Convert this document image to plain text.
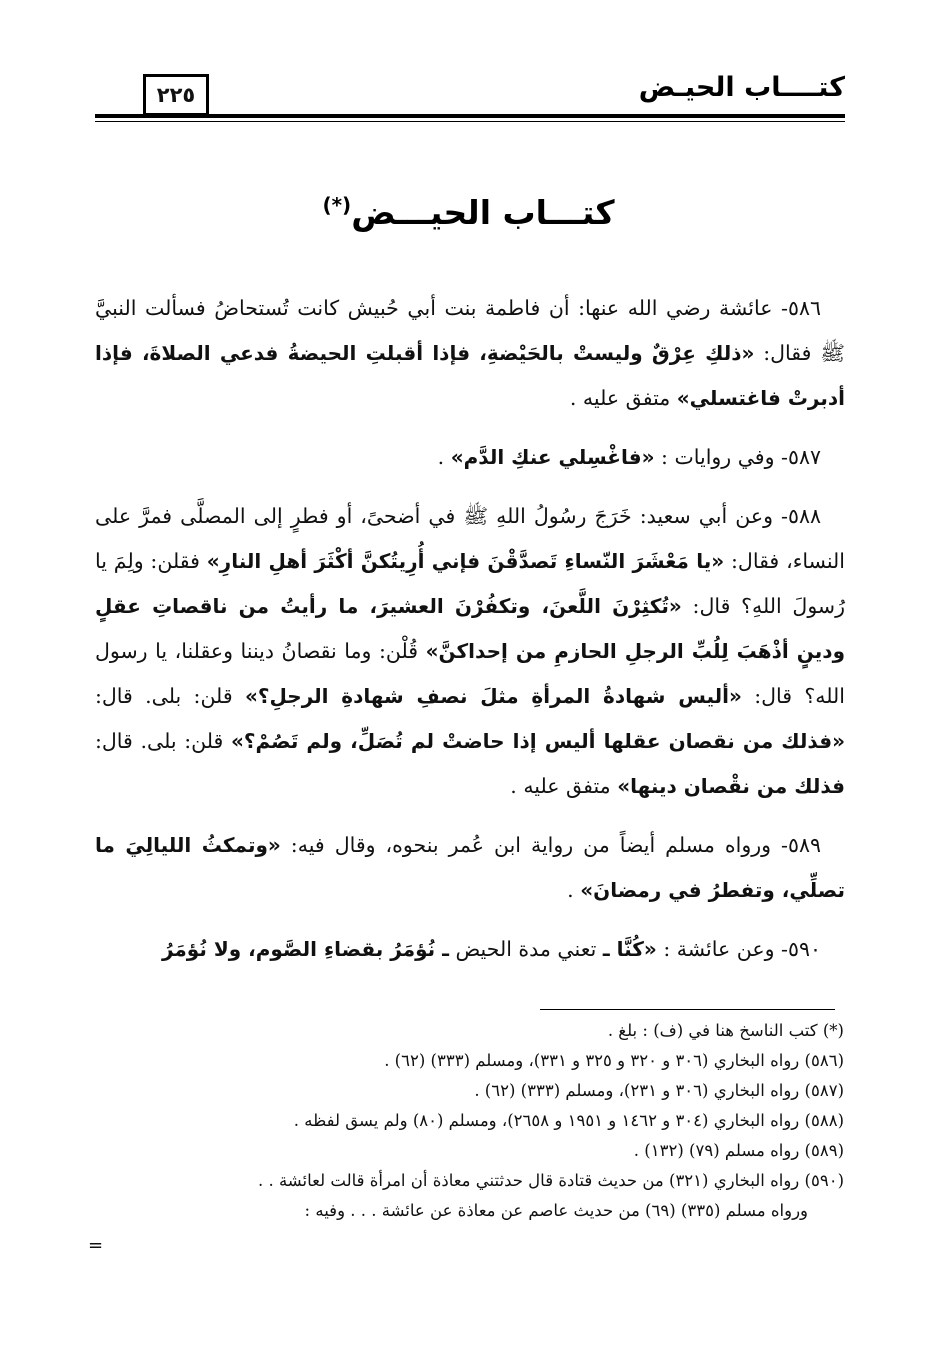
كتــــاب الحيـض
٢٢٥
كتـــاب الحيـــض(*)

٥٨٦- عائشة رضي الله عنها: أن فاطمة بنت أبي حُبيش كانت تُستحاضُ فسألت النبيَّ ﷺ فقال: «ذلكِ عِرْقٌ وليستْ بالحَيْضةِ، فإذا أقبلتِ الحيضةُ فدعي الصلاةَ، فإذا أدبرتْ فاغتسلي» متفق عليه .

٥٨٧- وفي روايات : «فاغْسِلي عنكِ الدَّم» .

٥٨٨- وعن أبي سعيد: خَرَجَ رسُولُ اللهِ ﷺ في أضحىً، أو فطرٍ إلى المصلَّى فمرَّ على النساء، فقال: «يا مَعْشَرَ النّساءِ تَصدَّقْنَ فإني أُرِيتُكنَّ أكْثَرَ أهلِ النارِ» فقلن: ولِمَ يا رُسولَ اللهِ؟ قال: «تُكثِرْنَ اللَّعنَ، وتكفُرْنَ العشيرَ، ما رأيتُ من ناقصاتِ عقلٍ ودينٍ أذْهَبَ لِلُبِّ الرجلِ الحازمِ من إحداكنَّ» قُلْن: وما نقصانُ ديننا وعقلنا، يا رسول الله؟ قال: «أليس شهادةُ المرأةِ مثلَ نصفِ شهادةِ الرجلِ؟» قلن: بلى. قال: «فذلك من نقصان عقلها أليس إذا حاضتْ لم تُصَلِّ، ولم تَصُمْ؟» قلن: بلى. قال: فذلك من نقْصان دينها» متفق عليه .

٥٨٩- ورواه مسلم أيضاً من رواية ابن عُمر بنحوه، وقال فيه: «وتمكثُ الليالِيَ ما تصلِّي، وتفطرُ في رمضانَ» .

٥٩٠- وعن عائشة : «كُنَّا ـ تعني مدة الحيض ـ نُؤمَرُ بقضاءِ الصَّوم، ولا نُؤمَرُ

(*) كتب الناسخ هنا في (ف) : بلغ .

(٥٨٦) رواه البخاري (٣٠٦ و ٣٢٠ و ٣٢٥ و ٣٣١)، ومسلم (٣٣٣) (٦٢) .

(٥٨٧) رواه البخاري (٣٠٦ و ٢٣١)، ومسلم (٣٣٣) (٦٢) .

(٥٨٨) رواه البخاري (٣٠٤ و ١٤٦٢ و ١٩٥١ و ٢٦٥٨)، ومسلم (٨٠) ولم يسق لفظه .

(٥٨٩) رواه مسلم (٧٩) (١٣٢) .

(٥٩٠) رواه البخاري (٣٢١) من حديث قتادة قال حدثتني معاذة أن امرأة قالت لعائشة . .

ورواه مسلم (٣٣٥) (٦٩) من حديث عاصم عن معاذة عن عائشة . . . وفيه :

=
